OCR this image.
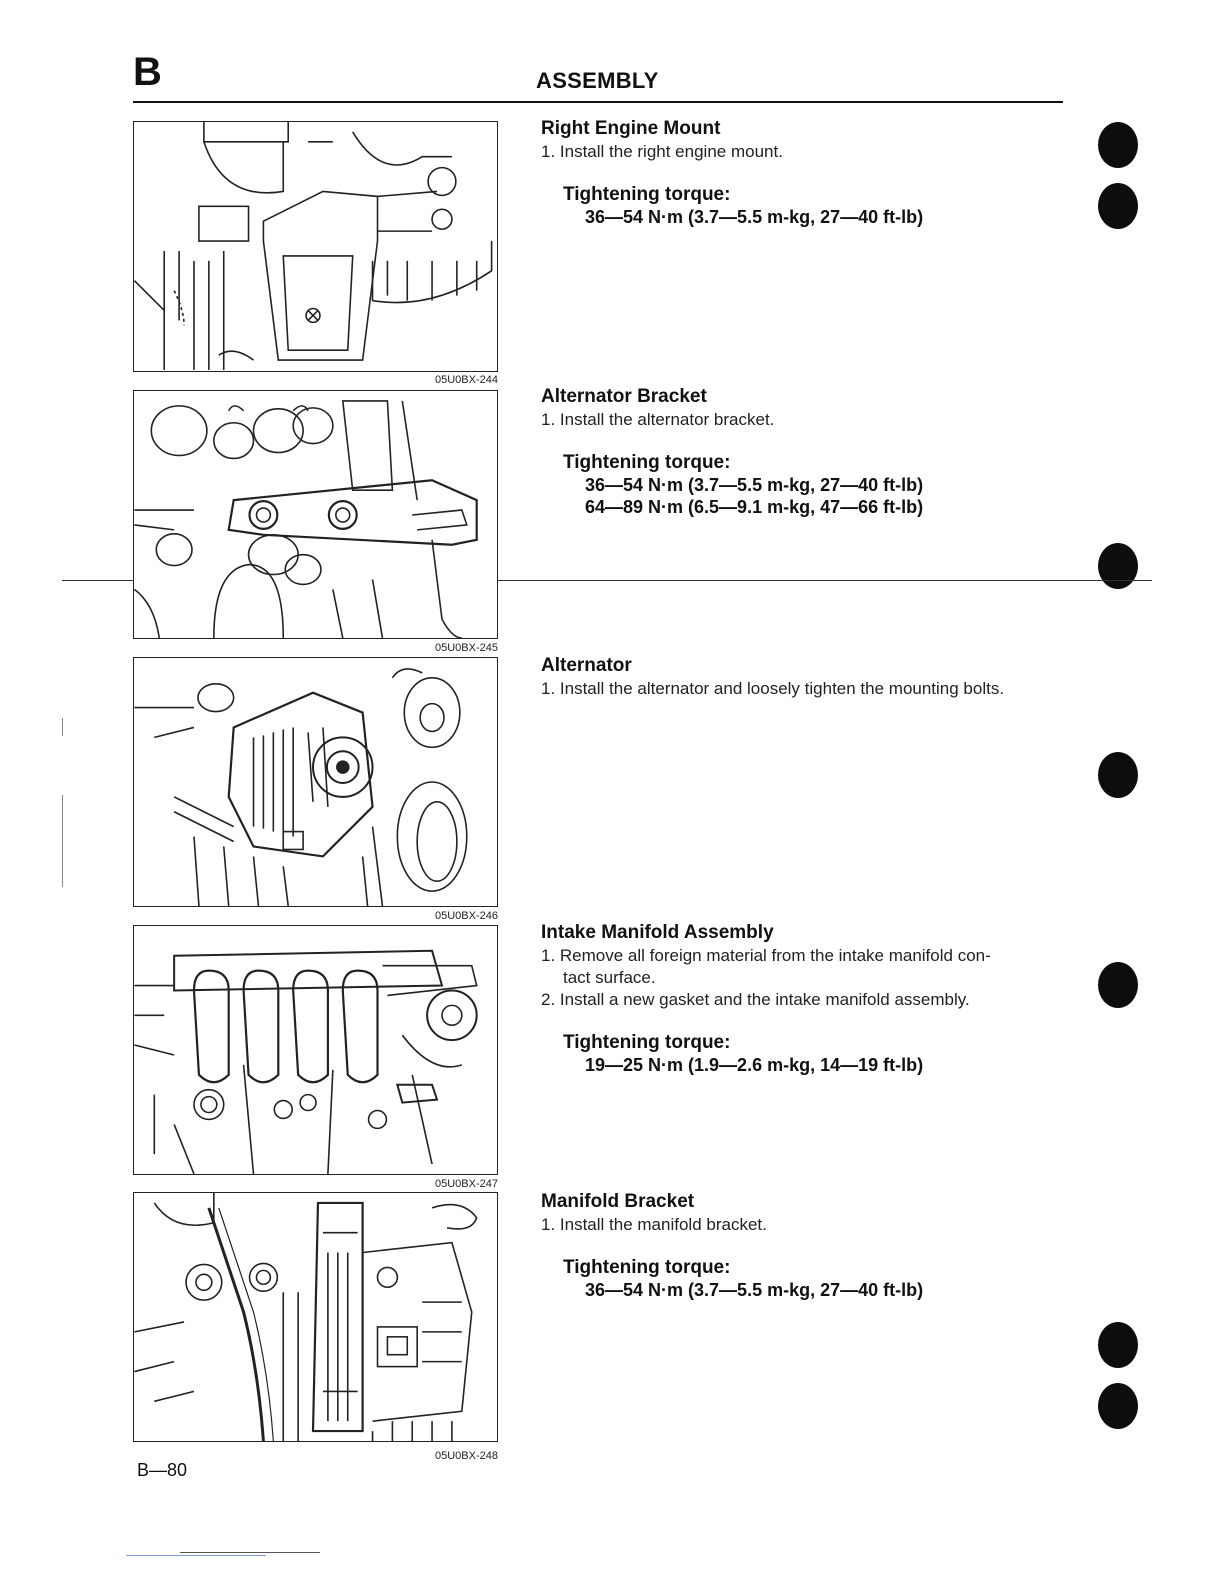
B	ASSEMBLY
05U0BX-244
05U0BX-245
05U0BX-246
05U0BX-247
05U0BX-248
Right Engine Mount
1. Install the right engine mount.
Tightening torque:
36—54 N·m (3.7—5.5 m-kg, 27—40 ft-lb)
Alternator Bracket
1. Install the alternator bracket.
Tightening torque:
36—54 N·m (3.7—5.5 m-kg, 27—40 ft-lb)
64—89 N·m (6.5—9.1 m-kg, 47—66 ft-lb)
Alternator
1. Install the alternator and loosely tighten the mounting bolts.
Intake Manifold Assembly
1. Remove all foreign material from the intake manifold con-
tact surface.
2. Install a new gasket and the intake manifold assembly.
Tightening torque:
19—25 N·m (1.9—2.6 m-kg, 14—19 ft-lb)
Manifold Bracket
1. Install the manifold bracket.
Tightening torque:
36—54 N·m (3.7—5.5 m-kg, 27—40 ft-lb)
B—80
